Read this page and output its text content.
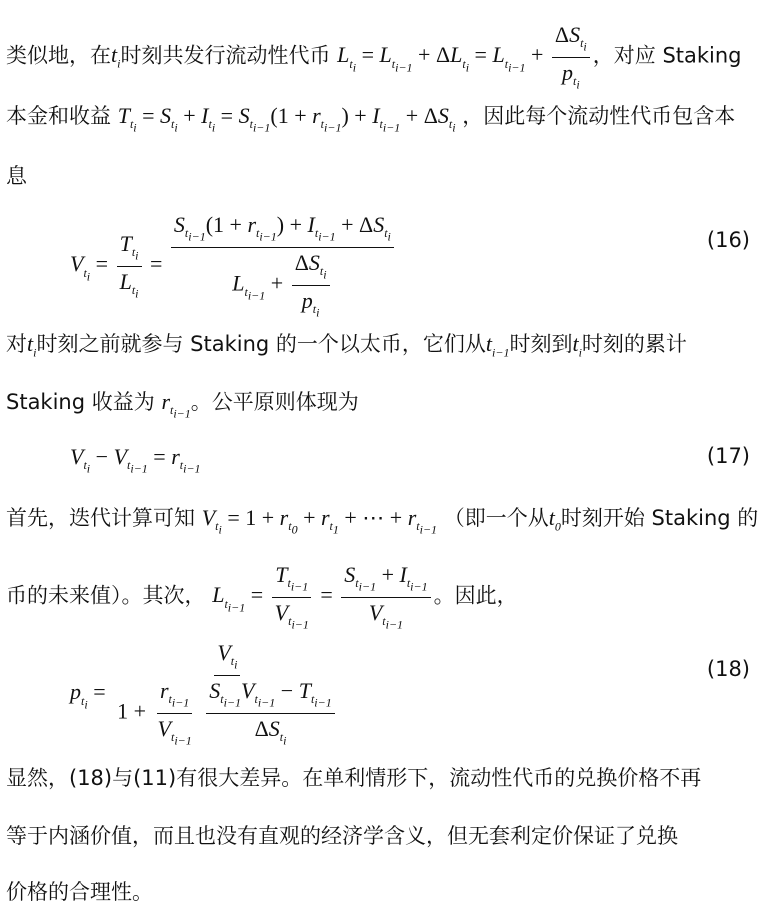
类似地，在$t_i$时刻共发行流动性代币 $L_{t_i} = L_{t_{i-1}} + \Delta L_{t_i} = L_{t_{i-1}} + \frac{\Delta S_{t_i}}{p_{t_i}}$ ，对应 Staking
本金和收益 $T_{t_i} = S_{t_i} + I_{t_i} = S_{t_{i-1}}(1 + r_{t_{i-1}}) + I_{t_{i-1}} + \Delta S_{t_i}$ ，因此每个流动性代币包含本
息
$V_{t_i} = \frac{T_{t_i}}{L_{t_i}} = \frac{S_{t_{i-1}}(1 + r_{t_{i-1}}) + I_{t_{i-1}} + \Delta S_{t_i}}{L_{t_{i-1}} + \frac{\Delta S_{t_i}}{p_{t_i}}}$	(16)
对$t_i$时刻之前就参与 Staking 的一个以太币，它们从$t_{i-1}$时刻到$t_i$时刻的累计
Staking 收益为 $r_{t_{i-1}}$。公平原则体现为
$V_{t_i} - V_{t_{i-1}} = r_{t_{i-1}}$
(17)
首先，迭代计算可知 $V_{t_i} = 1 + r_{t_0} + r_{t_1}$ + ⋯ + $r_{t_{i-1}}$ （即一个从$t_0$时刻开始 Staking 的
币的未来值）。其次， $L_{t_{i-1}} = \frac{T_{t_{i-1}}}{V_{t_{i-1}}} = \frac{S_{t_{i-1}} + I_{t_{i-1}}}{V_{t_{i-1}}}$ 。因此，
$p_{t_i} = V_{t_i}$
$1 + \frac{r_{t_{i-1}}}{V_{t_{i-1}}}$
$\frac{S_{t_{i-1}}V_{t_{i-1}} - T_{t_{i-1}}}{\Delta S_{t_i}}$	(18)
显然，(18)与(11)有很大差异。在单利情形下，流动性代币的兑换价格不再
等于内涵价值，而且也没有直观的经济学含义，但无套利定价保证了兑换
价格的合理性。
